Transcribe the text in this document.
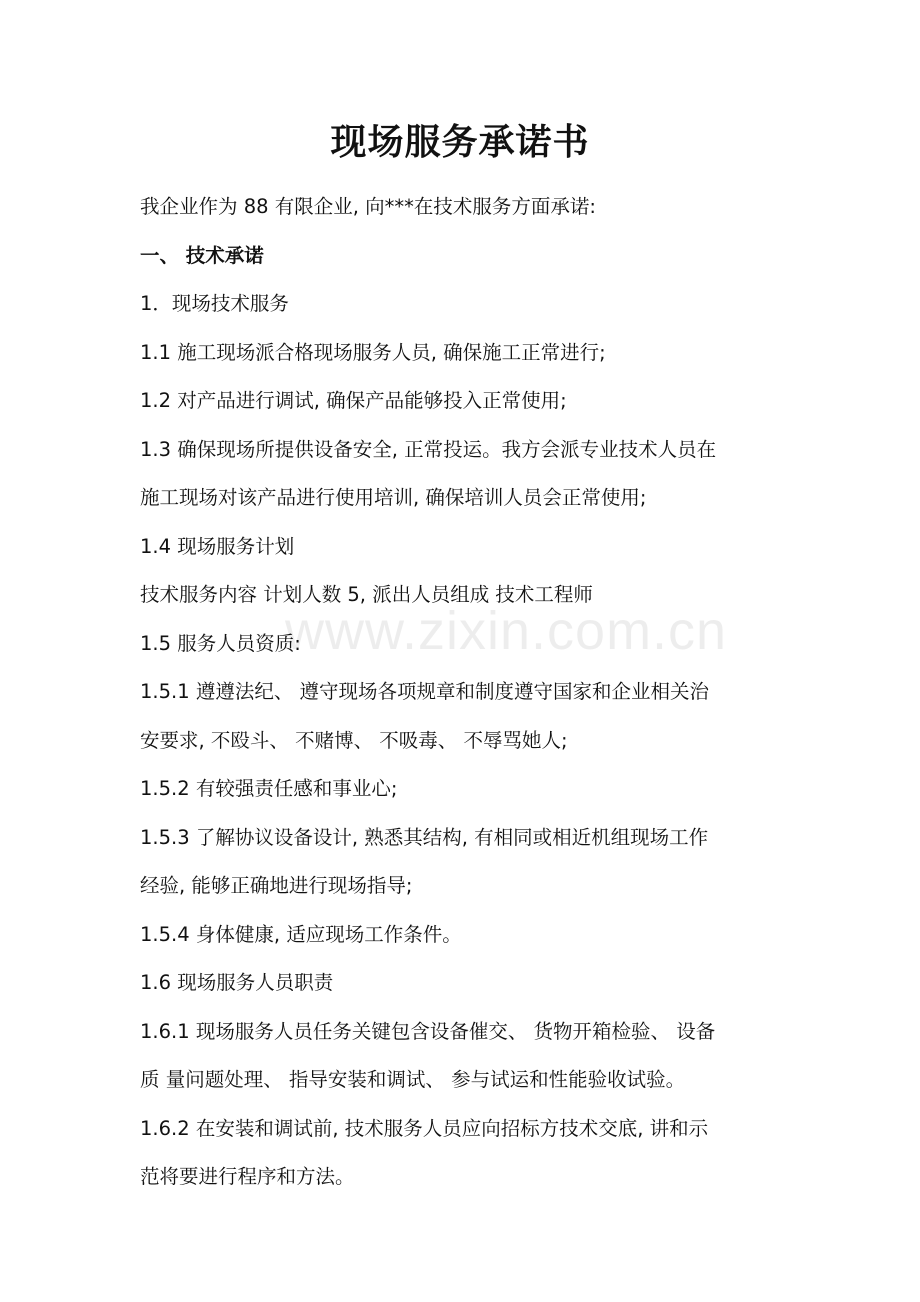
现场服务承诺书
www.zixin.com.cn
我企业作为 88 有限企业, 向***在技术服务方面承诺:
一、 技术承诺
1．现场技术服务
1.1 施工现场派合格现场服务人员, 确保施工正常进行;
1.2 对产品进行调试, 确保产品能够投入正常使用;
1.3 确保现场所提供设备安全, 正常投运。我方会派专业技术人员在
施工现场对该产品进行使用培训, 确保培训人员会正常使用;
1.4 现场服务计划
技术服务内容 计划人数 5, 派出人员组成 技术工程师
1.5 服务人员资质:
1.5.1 遵遵法纪、 遵守现场各项规章和制度遵守国家和企业相关治
安要求, 不殴斗、 不赌博、 不吸毒、 不辱骂她人;
1.5.2 有较强责任感和事业心;
1.5.3 了解协议设备设计, 熟悉其结构, 有相同或相近机组现场工作
经验, 能够正确地进行现场指导;
1.5.4 身体健康, 适应现场工作条件。
1.6 现场服务人员职责
1.6.1 现场服务人员任务关键包含设备催交、 货物开箱检验、 设备
质 量问题处理、 指导安装和调试、 参与试运和性能验收试验。
1.6.2 在安装和调试前, 技术服务人员应向招标方技术交底, 讲和示
范将要进行程序和方法。
